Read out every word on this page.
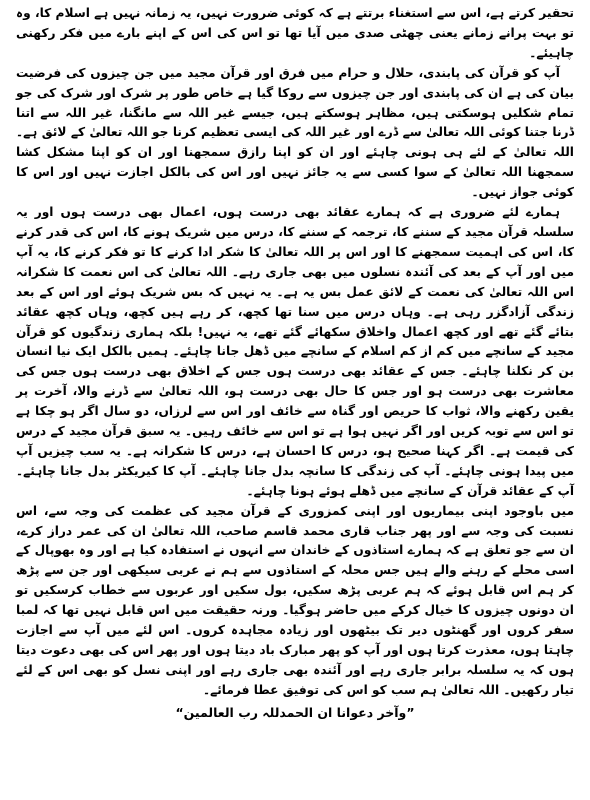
تحقیر کرتے ہے، اس سے استغناء برتتے ہے کہ کوئی ضرورت نہیں، یہ زمانہ نہیں ہے اسلام کا، وہ تو بہت پرانے زمانے یعنی چھٹی صدی میں آیا تھا تو اس کی اس کے اپنے بارے میں فکر رکھنی چاہیئے۔

آپ کو قرآن کی پابندی، حلال و حرام میں فرق اور قرآن مجید میں جن چیزوں کی فرضیت بیان کی ہے ان کی پابندی اور جن چیزوں سے روکا گیا ہے خاص طور پر شرک اور شرک کی جو تمام شکلیں ہوسکتی ہیں، مظاہر ہوسکتے ہیں، جیسے غیر اللہ سے مانگنا، غیر اللہ سے اتنا ڈرنا جتنا کوئی اللہ تعالیٰ سے ڈرے اور غیر اللہ کی ایسی تعظیم کرنا جو اللہ تعالیٰ کے لائق ہے۔ اللہ تعالیٰ کے لئے ہی ہونی چاہئے اور ان کو اپنا رازق سمجھنا اور ان کو اپنا مشکل کشا سمجھنا اللہ تعالیٰ کے سوا کسی سے یہ جائز نہیں اور اس کی بالکل اجازت نہیں اور اس کا کوئی جواز نہیں۔

ہمارے لئے ضروری ہے کہ ہمارے عقائد بھی درست ہوں، اعمال بھی درست ہوں اور یہ سلسلہ قرآن مجید کے سننے کا، ترجمہ کے سننے کا، درس میں شریک ہونے کا، اس کی قدر کرنے کا، اس کی اہمیت سمجھنے کا اور اس پر اللہ تعالیٰ کا شکر ادا کرنے کا تو فکر کرنے کا، یہ آپ میں اور آپ کے بعد کی آئندہ نسلوں میں بھی جاری رہے۔ اللہ تعالیٰ کی اس نعمت کا شکرانہ اس اللہ تعالیٰ کی نعمت کے لائق عمل بس یہ ہے۔ یہ نہیں کہ بس شریک ہوئے اور اس کے بعد زندگی آزادگزر رہی ہے۔ وہاں درس میں سنا تھا کچھ، کر رہے ہیں کچھ، وہاں کچھ عقائد بتائے گئے تھے اور کچھ اعمال واخلاق سکھائے گئے تھے، یہ نہیں! بلکہ ہماری زندگیوں کو قرآن مجید کے سانچے میں کم از کم اسلام کے سانچے میں ڈھل جانا چاہئے۔ ہمیں بالکل ایک نیا انسان بن کر نکلنا چاہئے۔ جس کے عقائد بھی درست ہوں جس کے اخلاق بھی درست ہوں جس کی معاشرت بھی درست ہو اور جس کا حال بھی درست ہو، اللہ تعالیٰ سے ڈرنے والا، آخرت پر یقین رکھنے والا، ثواب کا حریص اور گناہ سے خائف اور اس سے لرزاں، دو سال اگر ہو چکا ہے تو اس سے توبہ کریں اور اگر نہیں ہوا ہے تو اس سے خائف رہیں۔ یہ سبق قرآن مجید کے درس کی قیمت ہے۔ اگر کہنا صحیح ہو، درس کا احسان ہے، درس کا شکرانہ ہے۔ یہ سب چیزیں آپ میں پیدا ہونی چاہئے۔ آپ کی زندگی کا سانچہ بدل جانا چاہئے۔ آپ کا کیریکٹر بدل جانا چاہئے۔ آپ کے عقائد قرآن کے سانچے میں ڈھلے ہوئے ہونا چاہئے۔

میں باوجود اپنی بیماریوں اور اپنی کمزوری کے قرآن مجید کی عظمت کی وجہ سے، اس نسبت کی وجہ سے اور پھر جناب قاری محمد قاسم صاحب، اللہ تعالیٰ ان کی عمر دراز کرے، ان سے جو تعلق ہے کہ ہمارے استاذوں کے خاندان سے انہوں نے استفادہ کیا ہے اور وہ بھوپال کے اسی محلے کے رہنے والے ہیں جس محلہ کے استاذوں سے ہم نے عربی سیکھی اور جن سے پڑھ کر ہم اس قابل ہوئے کہ ہم عربی پڑھ سکیں، بول سکیں اور عربوں سے خطاب کرسکیں تو ان دونوں چیزوں کا خیال کرکے میں حاضر ہوگیا۔ ورنہ حقیقت میں اس قابل نہیں تھا کہ لمبا سفر کروں اور گھنٹوں دیر تک بیٹھوں اور زیادہ مجاہدہ کروں۔ اس لئے میں آپ سے اجازت چاہتا ہوں، معذرت کرتا ہوں اور آپ کو پھر مبارک باد دیتا ہوں اور پھر اس کی بھی دعوت دیتا ہوں کہ یہ سلسلہ برابر جاری رہے اور آئندہ بھی جاری رہے اور اپنی نسل کو بھی اس کے لئے تیار رکھیں۔ اللہ تعالیٰ ہم سب کو اس کی توفیق عطا فرمائے۔

”وآخر دعوانا ان الحمدللہ رب العالمین“
